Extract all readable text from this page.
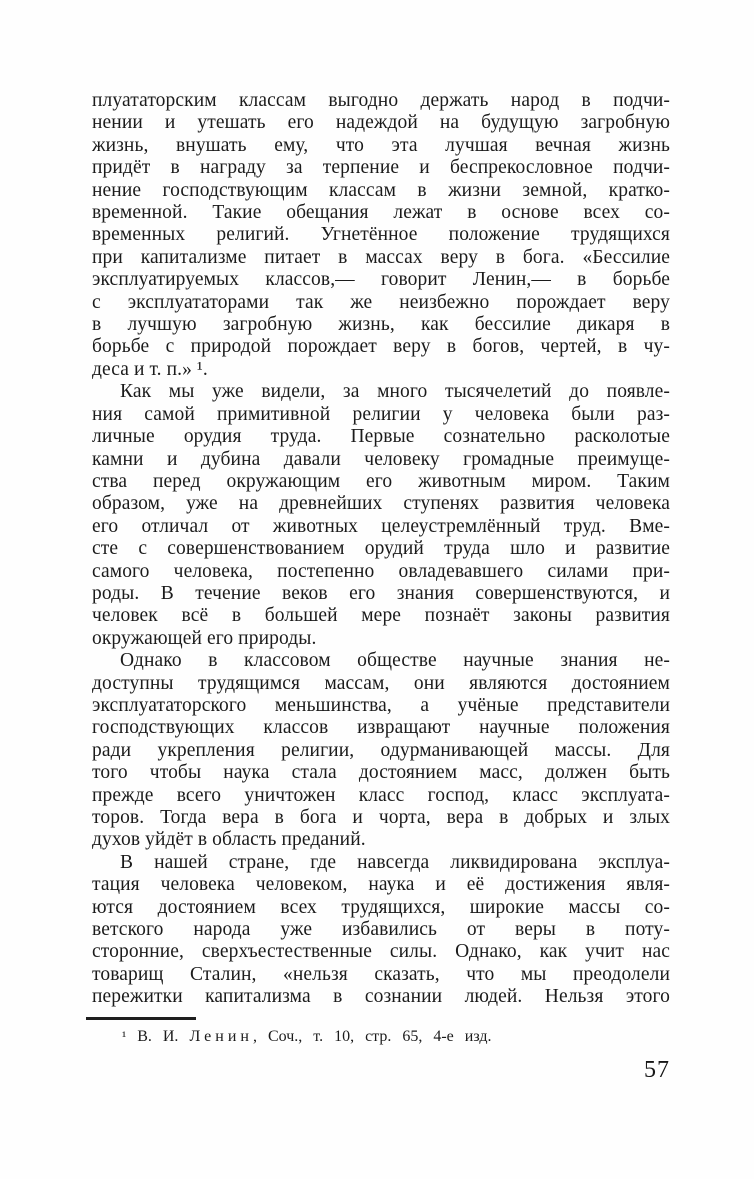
плуататорским классам выгодно держать народ в подчи-
нении и утешать его надеждой на будущую загробную
жизнь, внушать ему, что эта лучшая вечная жизнь
придёт в награду за терпение и беспрекословное подчи-
нение господствующим классам в жизни земной, кратко-
временной. Такие обещания лежат в основе всех со-
временных религий. Угнетённое положение трудящихся
при капитализме питает в массах веру в бога. «Бессилие
эксплуатируемых классов,— говорит Ленин,— в борьбе
с эксплуататорами так же неизбежно порождает веру
в лучшую загробную жизнь, как бессилие дикаря в
борьбе с природой порождает веру в богов, чертей, в чу-
деса и т. п.» ¹.
Как мы уже видели, за много тысячелетий до появле-
ния самой примитивной религии у человека были раз-
личные орудия труда. Первые сознательно расколотые
камни и дубина давали человеку громадные преимуще-
ства перед окружающим его животным миром. Таким
образом, уже на древнейших ступенях развития человека
его отличал от животных целеустремлённый труд. Вме-
сте с совершенствованием орудий труда шло и развитие
самого человека, постепенно овладевавшего силами при-
роды. В течение веков его знания совершенствуются, и
человек всё в большей мере познаёт законы развития
окружающей его природы.
Однако в классовом обществе научные знания не-
доступны трудящимся массам, они являются достоянием
эксплуататорского меньшинства, а учёные представители
господствующих классов извращают научные положения
ради укрепления религии, одурманивающей массы. Для
того чтобы наука стала достоянием масс, должен быть
прежде всего уничтожен класс господ, класс эксплуата-
торов. Тогда вера в бога и чорта, вера в добрых и злых
духов уйдёт в область преданий.
В нашей стране, где навсегда ликвидирована эксплуа-
тация человека человеком, наука и её достижения явля-
ются достоянием всех трудящихся, широкие массы со-
ветского народа уже избавились от веры в поту-
сторонние, сверхъестественные силы. Однако, как учит нас
товарищ Сталин, «нельзя сказать, что мы преодолели
пережитки капитализма в сознании людей. Нельзя этого
¹ В. И. Ленин, Соч., т. 10, стр. 65, 4-е изд.
57
